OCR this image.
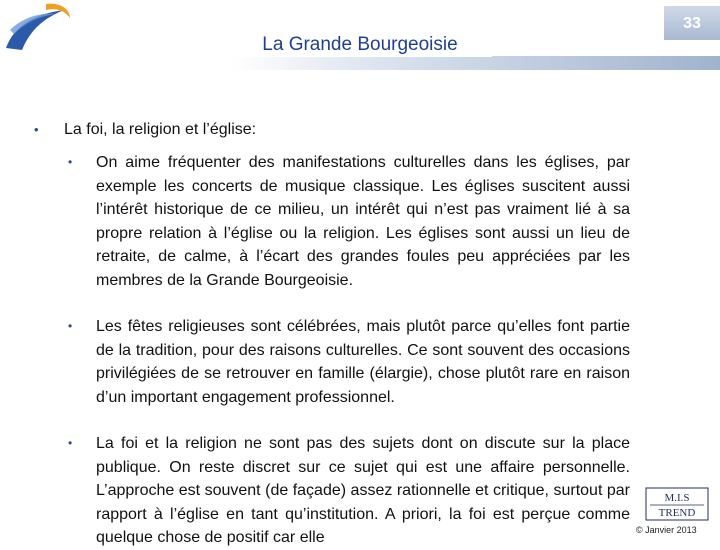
33
La Grande Bourgeoisie
• La foi, la religion et l’église:
• On aime fréquenter des manifestations culturelles dans les églises, par exemple les concerts de musique classique. Les églises suscitent aussi l’intérêt historique de ce milieu, un intérêt qui n’est pas vraiment lié à sa propre relation à l’église ou la religion. Les églises sont aussi un lieu de retraite, de calme, à l’écart des grandes foules peu appréciées par les membres de la Grande Bourgeoisie.
• Les fêtes religieuses sont célébrées, mais plutôt parce qu’elles font partie de la tradition, pour des raisons culturelles. Ce sont souvent des occasions privilégiées de se retrouver en famille (élargie), chose plutôt rare en raison d’un important engagement professionnel.
• La foi et la religion ne sont pas des sujets dont on discute sur la place publique. On reste discret sur ce sujet qui est une affaire personnelle. L’approche est souvent (de façade) assez rationnelle et critique, surtout par rapport à l’église en tant qu’institution. A priori, la foi est perçue comme quelque chose de positif car elle
M.I.S
TREND
© Janvier 2013
